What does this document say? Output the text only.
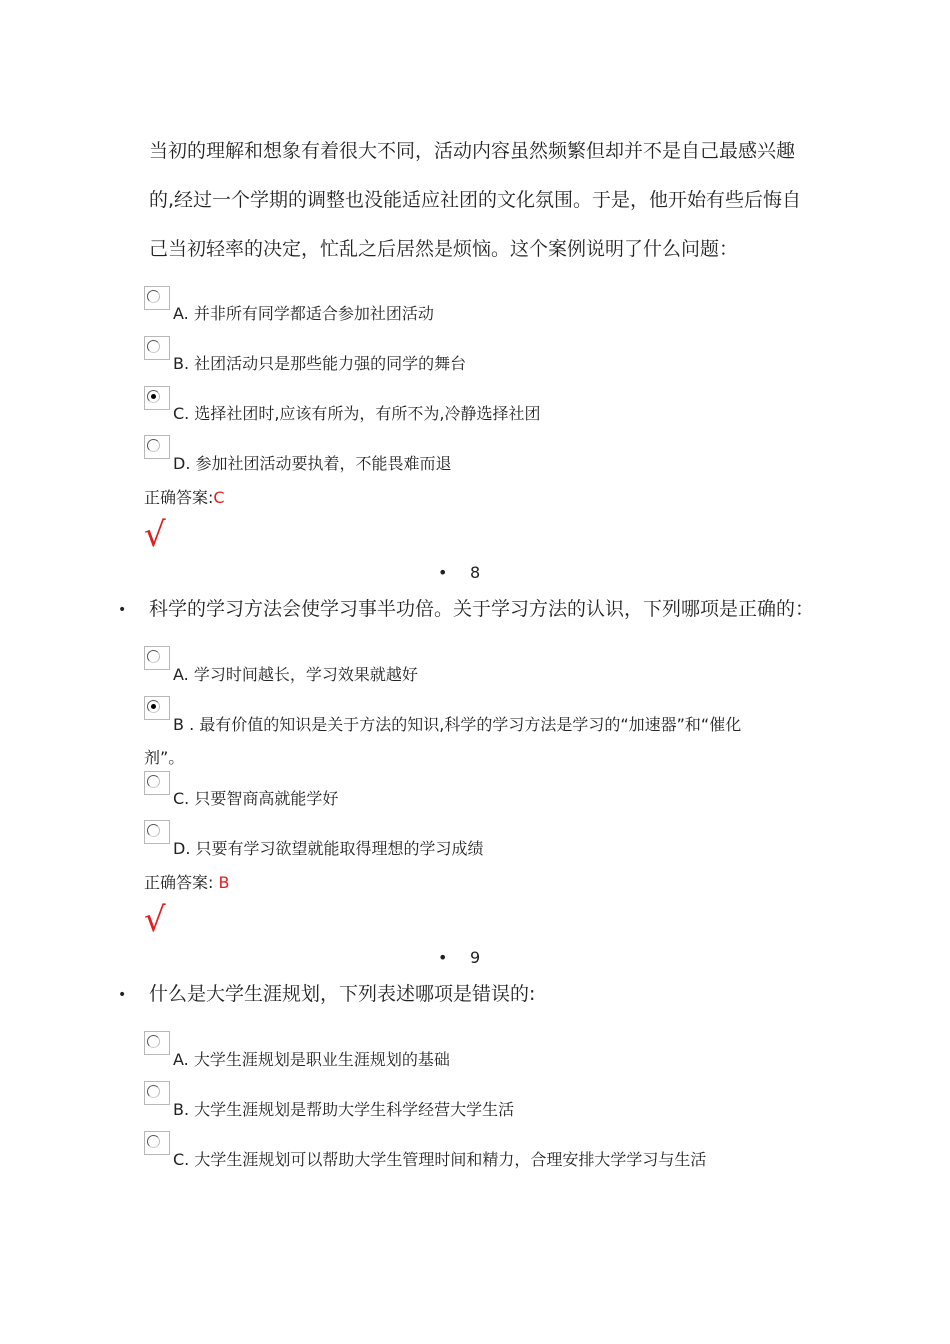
当初的理解和想象有着很大不同，活动内容虽然频繁但却并不是自己最感兴趣
的,经过一个学期的调整也没能适应社团的文化氛围。于是，他开始有些后悔自
己当初轻率的决定，忙乱之后居然是烦恼。这个案例说明了什么问题：
A. 并非所有同学都适合参加社团活动
B. 社团活动只是那些能力强的同学的舞台
C. 选择社团时,应该有所为，有所不为,冷静选择社团
D. 参加社团活动要执着，不能畏难而退
正确答案:C
√
• 8
• 科学的学习方法会使学习事半功倍。关于学习方法的认识，下列哪项是正确的：
A. 学习时间越长，学习效果就越好
B . 最有价值的知识是关于方法的知识,科学的学习方法是学习的“加速器”和“催化
剂”。
C. 只要智商高就能学好
D. 只要有学习欲望就能取得理想的学习成绩
正确答案: B
√
• 9
• 什么是大学生涯规划，下列表述哪项是错误的:
A. 大学生涯规划是职业生涯规划的基础
B. 大学生涯规划是帮助大学生科学经营大学生活
C. 大学生涯规划可以帮助大学生管理时间和精力，合理安排大学学习与生活
